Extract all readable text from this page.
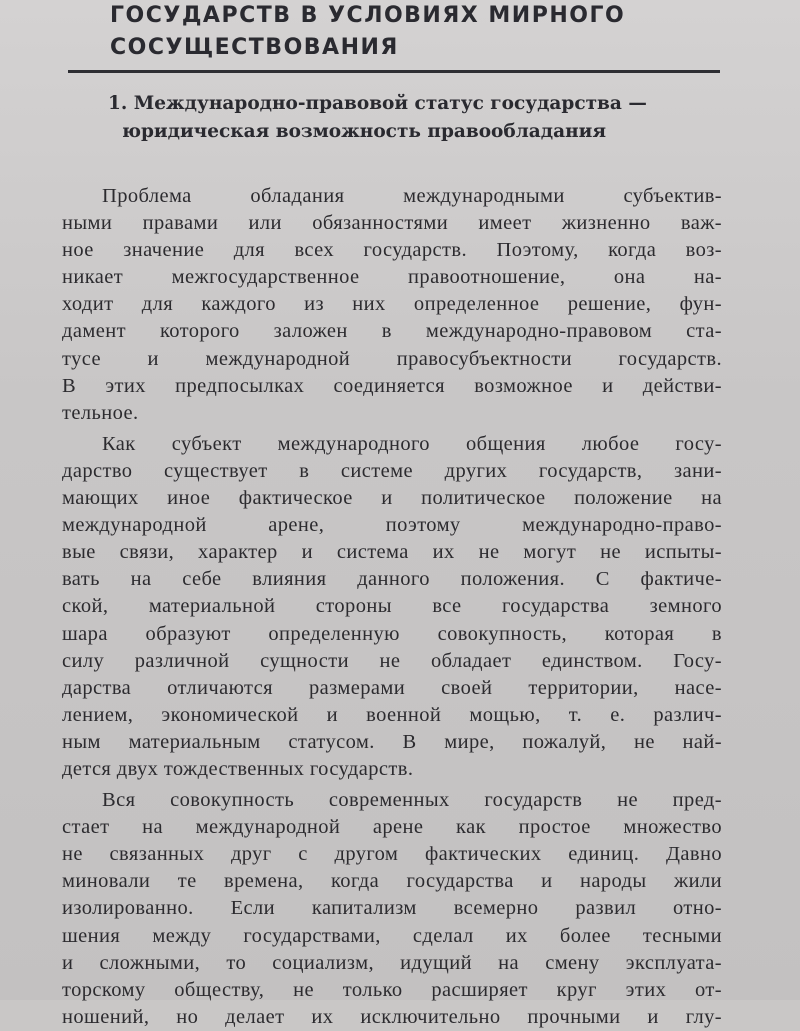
ГОСУДАРСТВ В УСЛОВИЯХ МИРНОГО
СОСУЩЕСТВОВАНИЯ
1. Международно-правовой статус государства —
юридическая возможность правообладания
Проблема обладания международными субъектив-
ными правами или обязанностями имеет жизненно важ-
ное значение для всех государств. Поэтому, когда воз-
никает межгосударственное правоотношение, она на-
ходит для каждого из них определенное решение, фун-
дамент которого заложен в международно-правовом ста-
тусе и международной правосубъектности государств.
В этих предпосылках соединяется возможное и действи-
тельное.
Как субъект международного общения любое госу-
дарство существует в системе других государств, зани-
мающих иное фактическое и политическое положение на
международной арене, поэтому международно-право-
вые связи, характер и система их не могут не испыты-
вать на себе влияния данного положения. С фактиче-
ской, материальной стороны все государства земного
шара образуют определенную совокупность, которая в
силу различной сущности не обладает единством. Госу-
дарства отличаются размерами своей территории, насе-
лением, экономической и военной мощью, т. е. различ-
ным материальным статусом. В мире, пожалуй, не най-
дется двух тождественных государств.
Вся совокупность современных государств не пред-
стает на международной арене как простое множество
не связанных друг с другом фактических единиц. Давно
миновали те времена, когда государства и народы жили
изолированно. Если капитализм всемерно развил отно-
шения между государствами, сделал их более тесными
и сложными, то социализм, идущий на смену эксплуата-
торскому обществу, не только расширяет круг этих от-
ношений, но делает их исключительно прочными и глу-
